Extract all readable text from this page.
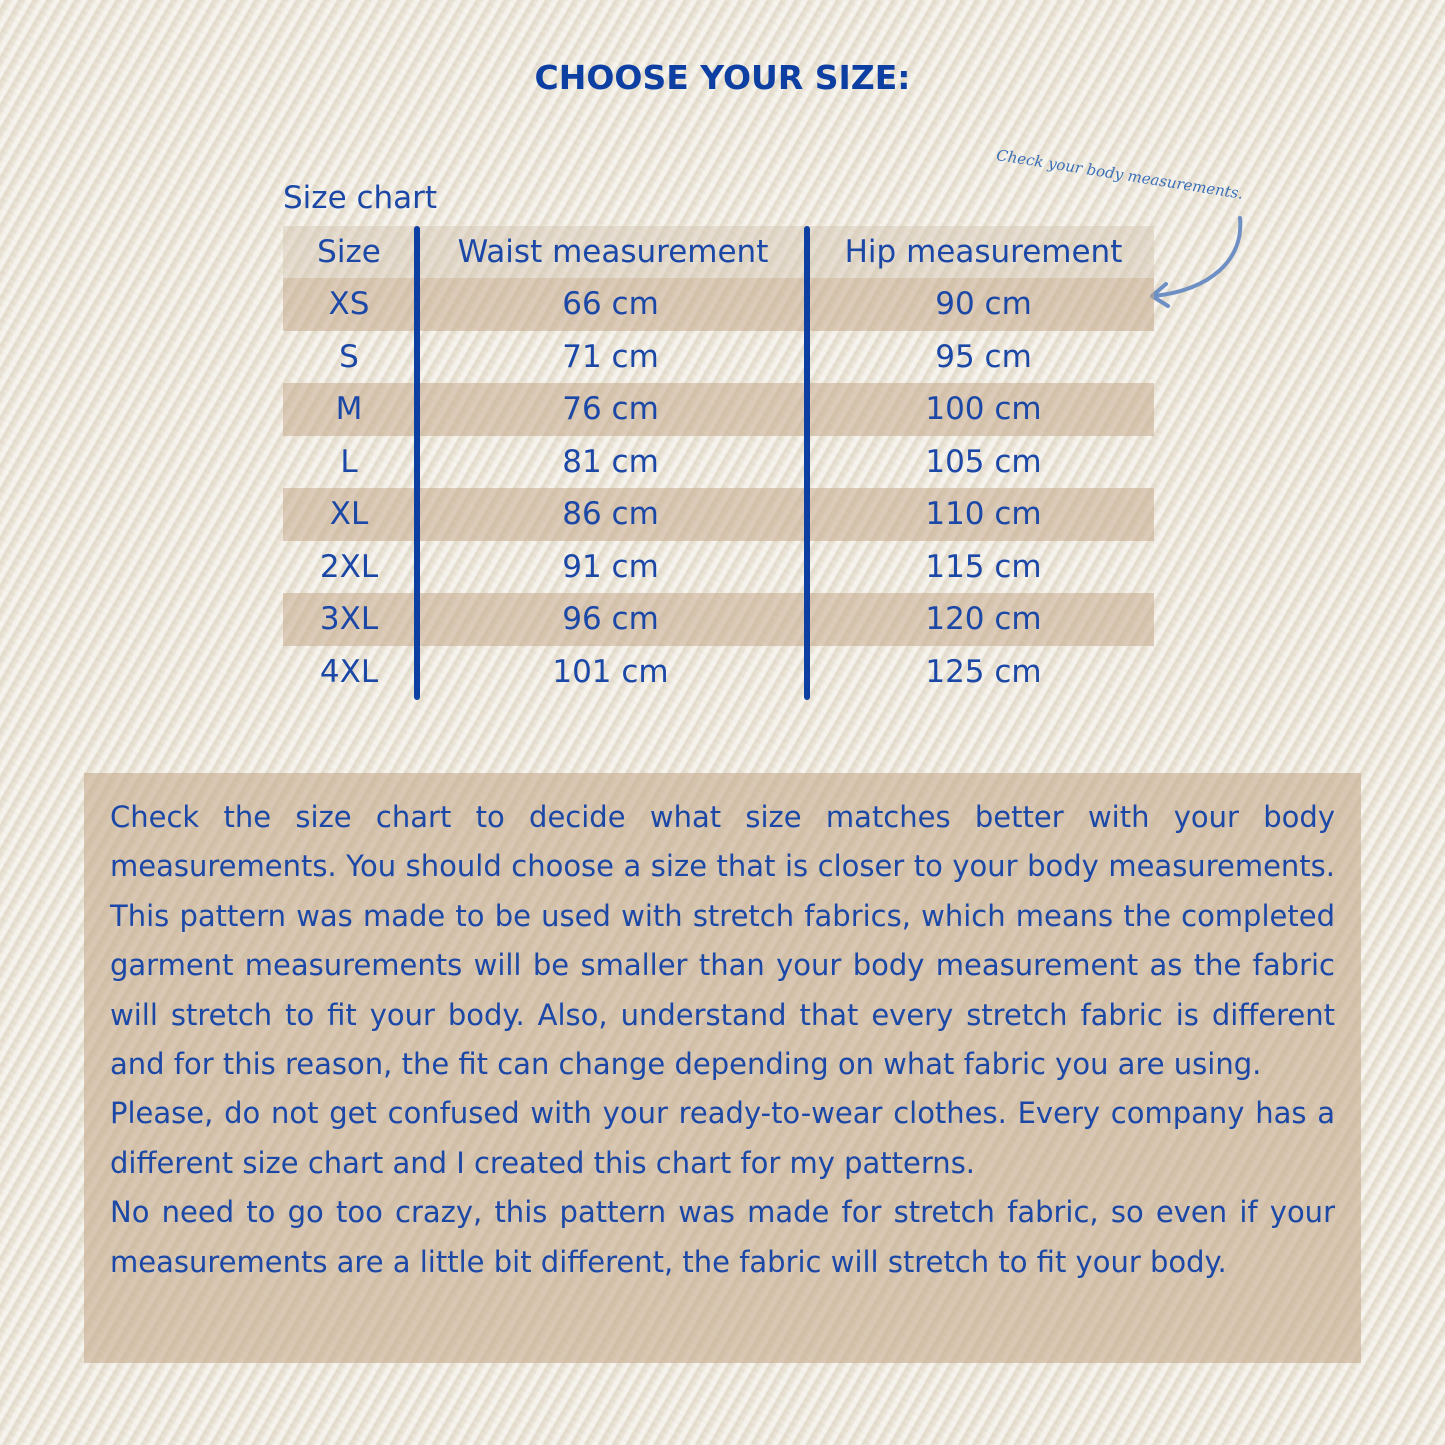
CHOOSE YOUR SIZE:
Size chart	Check your body measurements.
Size	Waist measurement	Hip measurement
XS	66 cm	90 cm
S	71 cm	95 cm
M	76 cm	100 cm
L	81 cm	105 cm
XL	86 cm	110 cm
2XL	91 cm	115 cm
3XL	96 cm	120 cm
4XL	101 cm	125 cm

Check the size chart to decide what size matches better with your body measurements. You should choose a size that is closer to your body measurements. This pattern was made to be used with stretch fabrics, which means the completed garment measurements will be smaller than your body measurement as the fabric will stretch to fit your body. Also, understand that every stretch fabric is different and for this reason, the fit can change depending on what fabric you are using.

Please, do not get confused with your ready-to-wear clothes. Every company has a different size chart and I created this chart for my patterns.

No need to go too crazy, this pattern was made for stretch fabric, so even if your measurements are a little bit different, the fabric will stretch to fit your body.
